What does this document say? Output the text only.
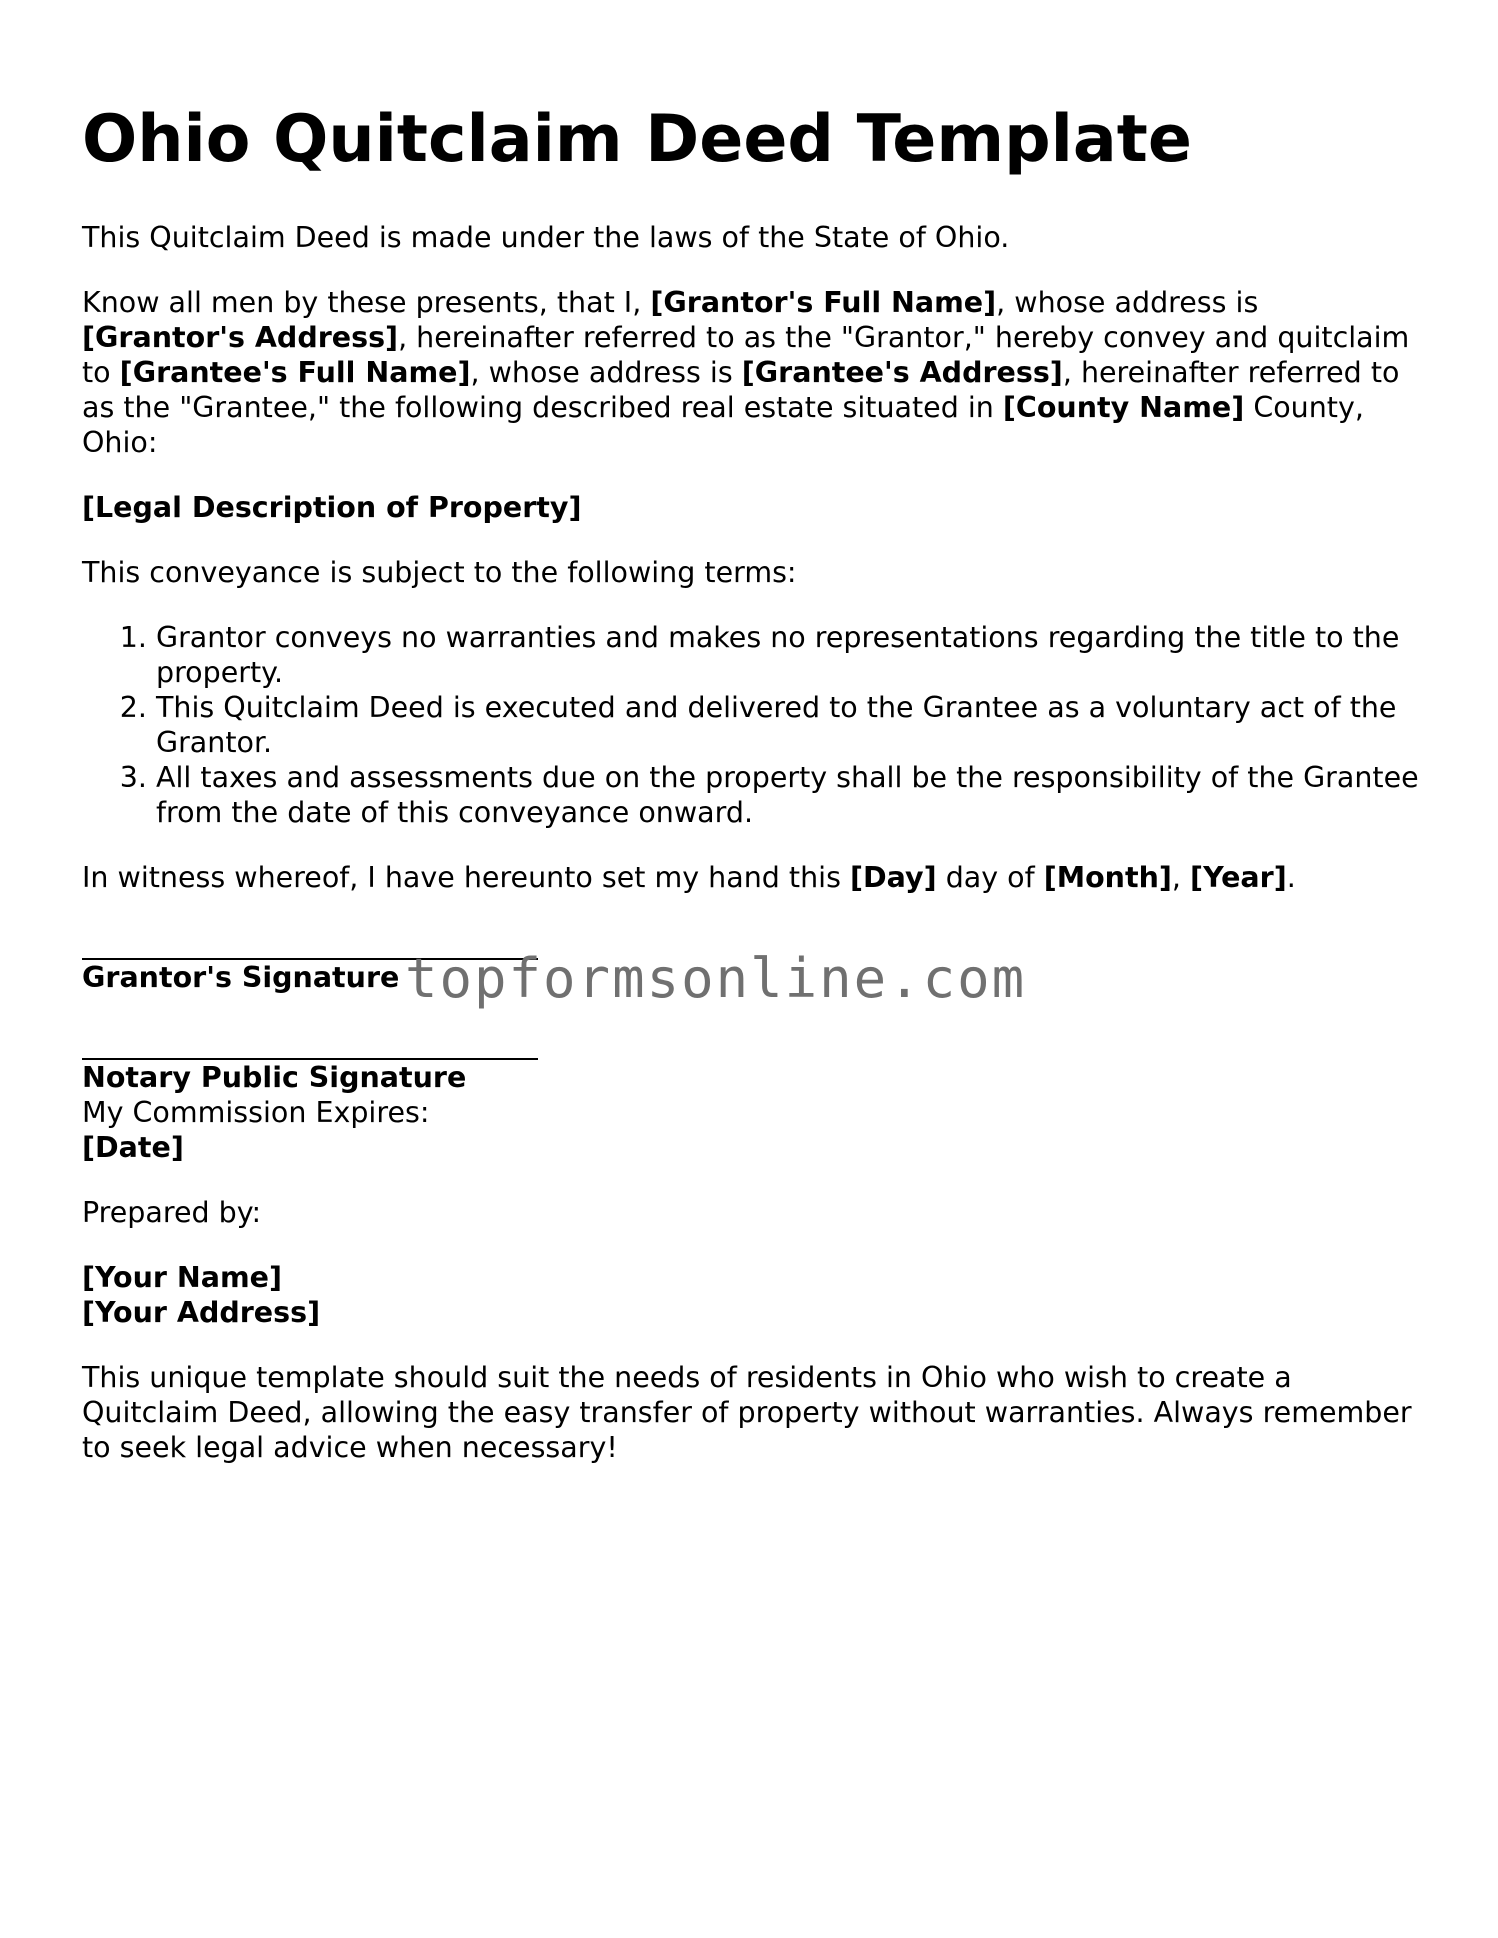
Ohio Quitclaim Deed Template

This Quitclaim Deed is made under the laws of the State of Ohio.

Know all men by these presents, that I, [Grantor's Full Name], whose address is [Grantor's Address], hereinafter referred to as the "Grantor," hereby convey and quitclaim to [Grantee's Full Name], whose address is [Grantee's Address], hereinafter referred to as the "Grantee," the following described real estate situated in [County Name] County, Ohio:

[Legal Description of Property]

This conveyance is subject to the following terms:

1. Grantor conveys no warranties and makes no representations regarding the title to the property.
2. This Quitclaim Deed is executed and delivered to the Grantee as a voluntary act of the Grantor.
3. All taxes and assessments due on the property shall be the responsibility of the Grantee from the date of this conveyance onward.

In witness whereof, I have hereunto set my hand this [Day] day of [Month], [Year].

Grantor's Signature topformsonline.com
Notary Public Signature
My Commission Expires:
[Date]

Prepared by:

[Your Name]
[Your Address]

This unique template should suit the needs of residents in Ohio who wish to create a Quitclaim Deed, allowing the easy transfer of property without warranties. Always remember to seek legal advice when necessary!
